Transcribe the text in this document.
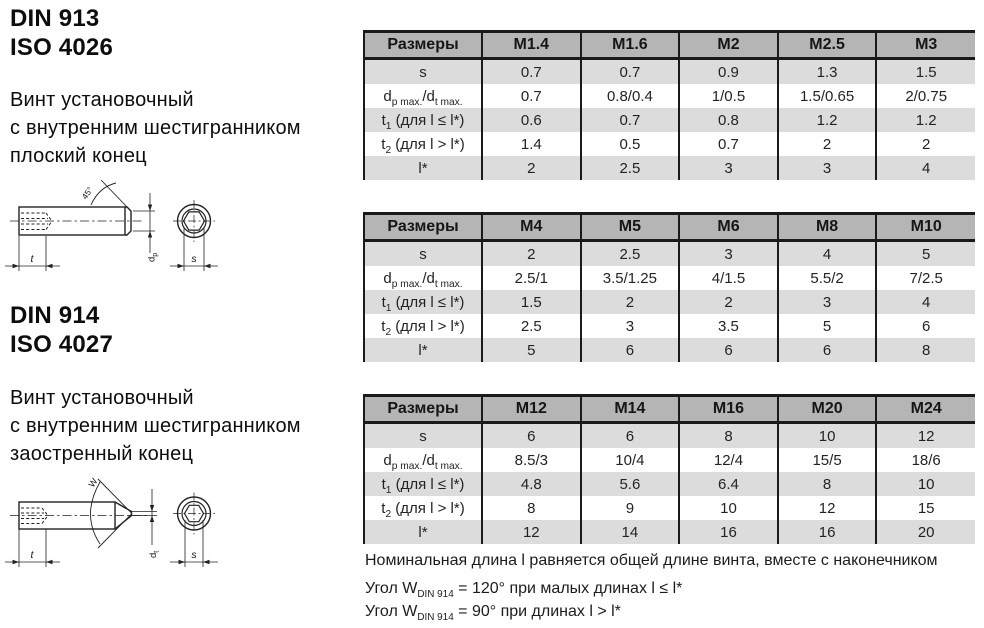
DIN 913
ISO 4026
Винт установочный
с внутренним шестигранником
плоский конец
45°
t	$d_p$	s
DIN 914
ISO 4027
Винт установочный
с внутренним шестигранником
заостренный конец
W
t	$d_t$	s
Размеры	M1.4	M1.6	M2	M2.5	M3
s	0.7	0.7	0.9	1.3	1.5
$d_{p max.}/d_{t max.}$	0.7	0.8/0.4	1/0.5	1.5/0.65	2/0.75
$t_1$ (для l ≤ l*)	0.6	0.7	0.8	1.2	1.2
$t_2$ (для l > l*)	1.4	0.5	0.7	2	2
l*	2	2.5	3	3	4
Размеры	M4	M5	M6	M8	M10
s	2	2.5	3	4	5
$d_{p max.}/d_{t max.}$	2.5/1	3.5/1.25	4/1.5	5.5/2	7/2.5
$t_1$ (для l ≤ l*)	1.5	2	2	3	4
$t_2$ (для l > l*)	2.5	3	3.5	5	6
l*	5	6	6	6	8
Размеры	M12	M14	M16	M20	M24
s	6	6	8	10	12
$d_{p max.}/d_{t max.}$	8.5/3	10/4	12/4	15/5	18/6
$t_1$ (для l ≤ l*)	4.8	5.6	6.4	8	10
$t_2$ (для l > l*)	8	9	10	12	15
l*	12	14	16	16	20
Номинальная длина l равняется общей длине винта, вместе с наконечником
Угол $W_{DIN 914} = 120^\circ$ при малых длинах l ≤ l*
Угол $W_{DIN 914} = 90^\circ$ при длинах l > l*
